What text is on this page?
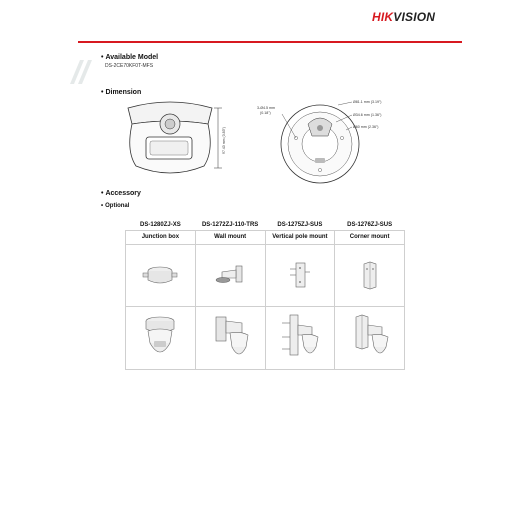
HIKVISION
• Available Model
DS-2CE70KF0T-MFS
• Dimension
97.43 mm (3.83")
3-Ø4.5 mm
(0.18")
Ø81.1 mm (3.19")
Ø34.6 mm (1.36")
Ø60 mm (2.36")
• Accessory
• Optional
DS-1280ZJ-XS	DS-1272ZJ-110-TRS	DS-1275ZJ-SUS	DS-1276ZJ-SUS
Junction box	Wall mount	Vertical pole mount	Corner mount
